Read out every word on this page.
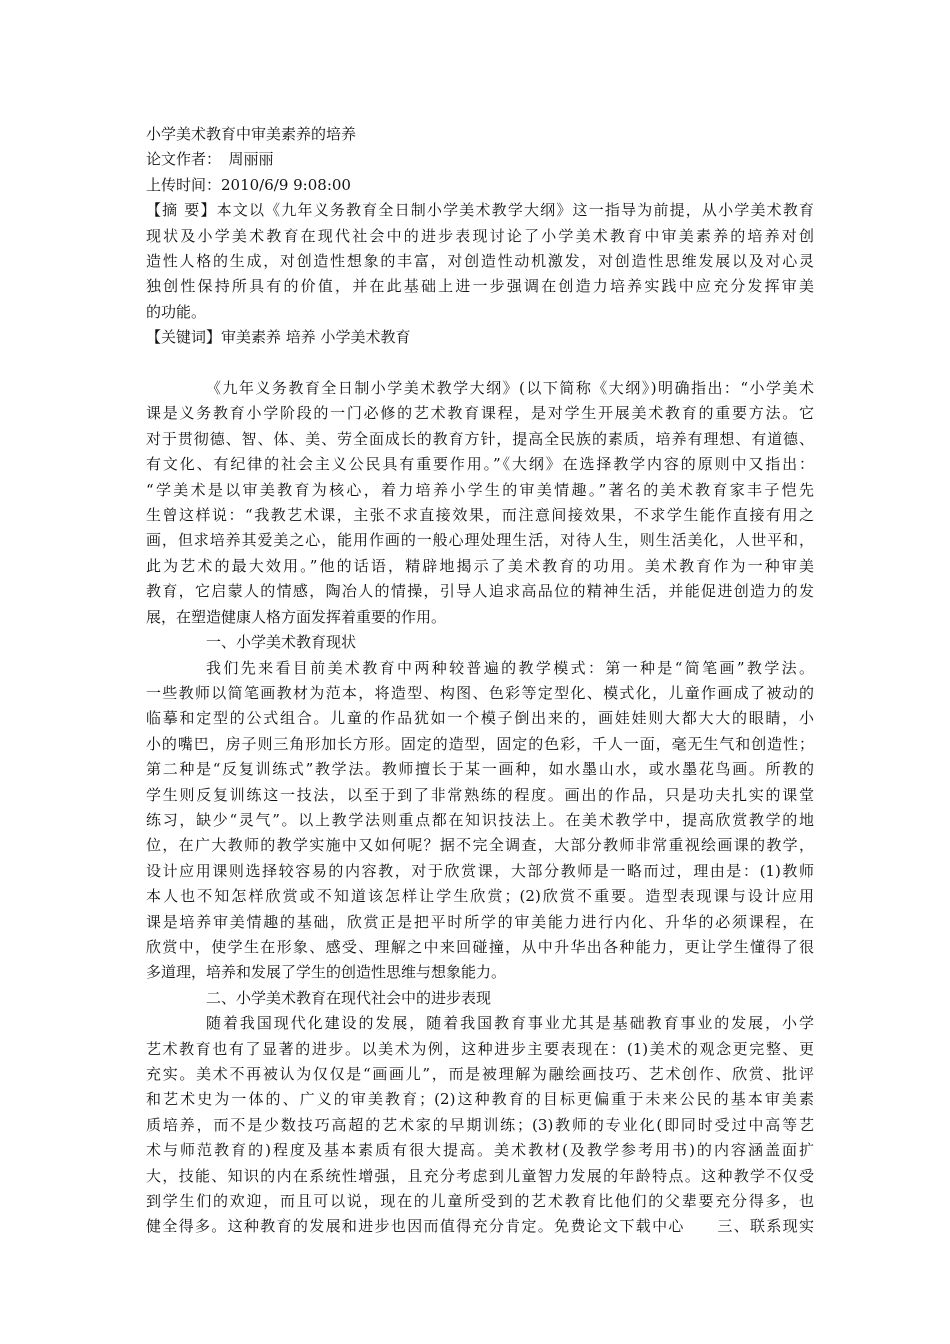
小学美术教育中审美素养的培养
论文作者：　周丽丽
上传时间：2010/6/9 9:08:00
【摘 要】本文以《九年义务教育全日制小学美术教学大纲》这一指导为前提，从小学美术教育
现状及小学美术教育在现代社会中的进步表现讨论了小学美术教育中审美素养的培养对创
造性人格的生成，对创造性想象的丰富，对创造性动机激发，对创造性思维发展以及对心灵
独创性保持所具有的价值，并在此基础上进一步强调在创造力培养实践中应充分发挥审美
的功能。
【关键词】审美素养 培养 小学美术教育
《九年义务教育全日制小学美术教学大纲》(以下简称《大纲》)明确指出：“小学美术
课是义务教育小学阶段的一门必修的艺术教育课程，是对学生开展美术教育的重要方法。它
对于贯彻德、智、体、美、劳全面成长的教育方针，提高全民族的素质，培养有理想、有道德、
有文化、有纪律的社会主义公民具有重要作用。”《大纲》在选择教学内容的原则中又指出：
“学美术是以审美教育为核心，着力培养小学生的审美情趣。”著名的美术教育家丰子恺先
生曾这样说：“我教艺术课，主张不求直接效果，而注意间接效果，不求学生能作直接有用之
画，但求培养其爱美之心，能用作画的一般心理处理生活，对待人生，则生活美化，人世平和，
此为艺术的最大效用。”他的话语，精辟地揭示了美术教育的功用。美术教育作为一种审美
教育，它启蒙人的情感，陶冶人的情操，引导人追求高品位的精神生活，并能促进创造力的发
展，在塑造健康人格方面发挥着重要的作用。
一、小学美术教育现状
我们先来看目前美术教育中两种较普遍的教学模式：第一种是“简笔画”教学法。
一些教师以简笔画教材为范本，将造型、构图、色彩等定型化、模式化，儿童作画成了被动的
临摹和定型的公式组合。儿童的作品犹如一个模子倒出来的，画娃娃则大都大大的眼睛，小
小的嘴巴，房子则三角形加长方形。固定的造型，固定的色彩，千人一面，毫无生气和创造性；
第二种是“反复训练式”教学法。教师擅长于某一画种，如水墨山水，或水墨花鸟画。所教的
学生则反复训练这一技法，以至于到了非常熟练的程度。画出的作品，只是功夫扎实的课堂
练习，缺少“灵气”。以上教学法则重点都在知识技法上。在美术教学中，提高欣赏教学的地
位，在广大教师的教学实施中又如何呢？据不完全调查，大部分教师非常重视绘画课的教学，
设计应用课则选择较容易的内容教，对于欣赏课，大部分教师是一略而过，理由是：(1)教师
本人也不知怎样欣赏或不知道该怎样让学生欣赏；(2)欣赏不重要。造型表现课与设计应用
课是培养审美情趣的基础，欣赏正是把平时所学的审美能力进行内化、升华的必须课程，在
欣赏中，使学生在形象、感受、理解之中来回碰撞，从中升华出各种能力，更让学生懂得了很
多道理，培养和发展了学生的创造性思维与想象能力。
二、小学美术教育在现代社会中的进步表现
随着我国现代化建设的发展，随着我国教育事业尤其是基础教育事业的发展，小学
艺术教育也有了显著的进步。以美术为例，这种进步主要表现在：(1)美术的观念更完整、更
充实。美术不再被认为仅仅是“画画儿”，而是被理解为融绘画技巧、艺术创作、欣赏、批评
和艺术史为一体的、广义的审美教育；(2)这种教育的目标更偏重于未来公民的基本审美素
质培养，而不是少数技巧高超的艺术家的早期训练；(3)教师的专业化(即同时受过中高等艺
术与师范教育的)程度及基本素质有很大提高。美术教材(及教学参考用书)的内容涵盖面扩
大，技能、知识的内在系统性增强，且充分考虑到儿童智力发展的年龄特点。这种教学不仅受
到学生们的欢迎，而且可以说，现在的儿童所受到的艺术教育比他们的父辈要充分得多，也
健全得多。这种教育的发展和进步也因而值得充分肯定。免费论文下载中心　　三、联系现实
